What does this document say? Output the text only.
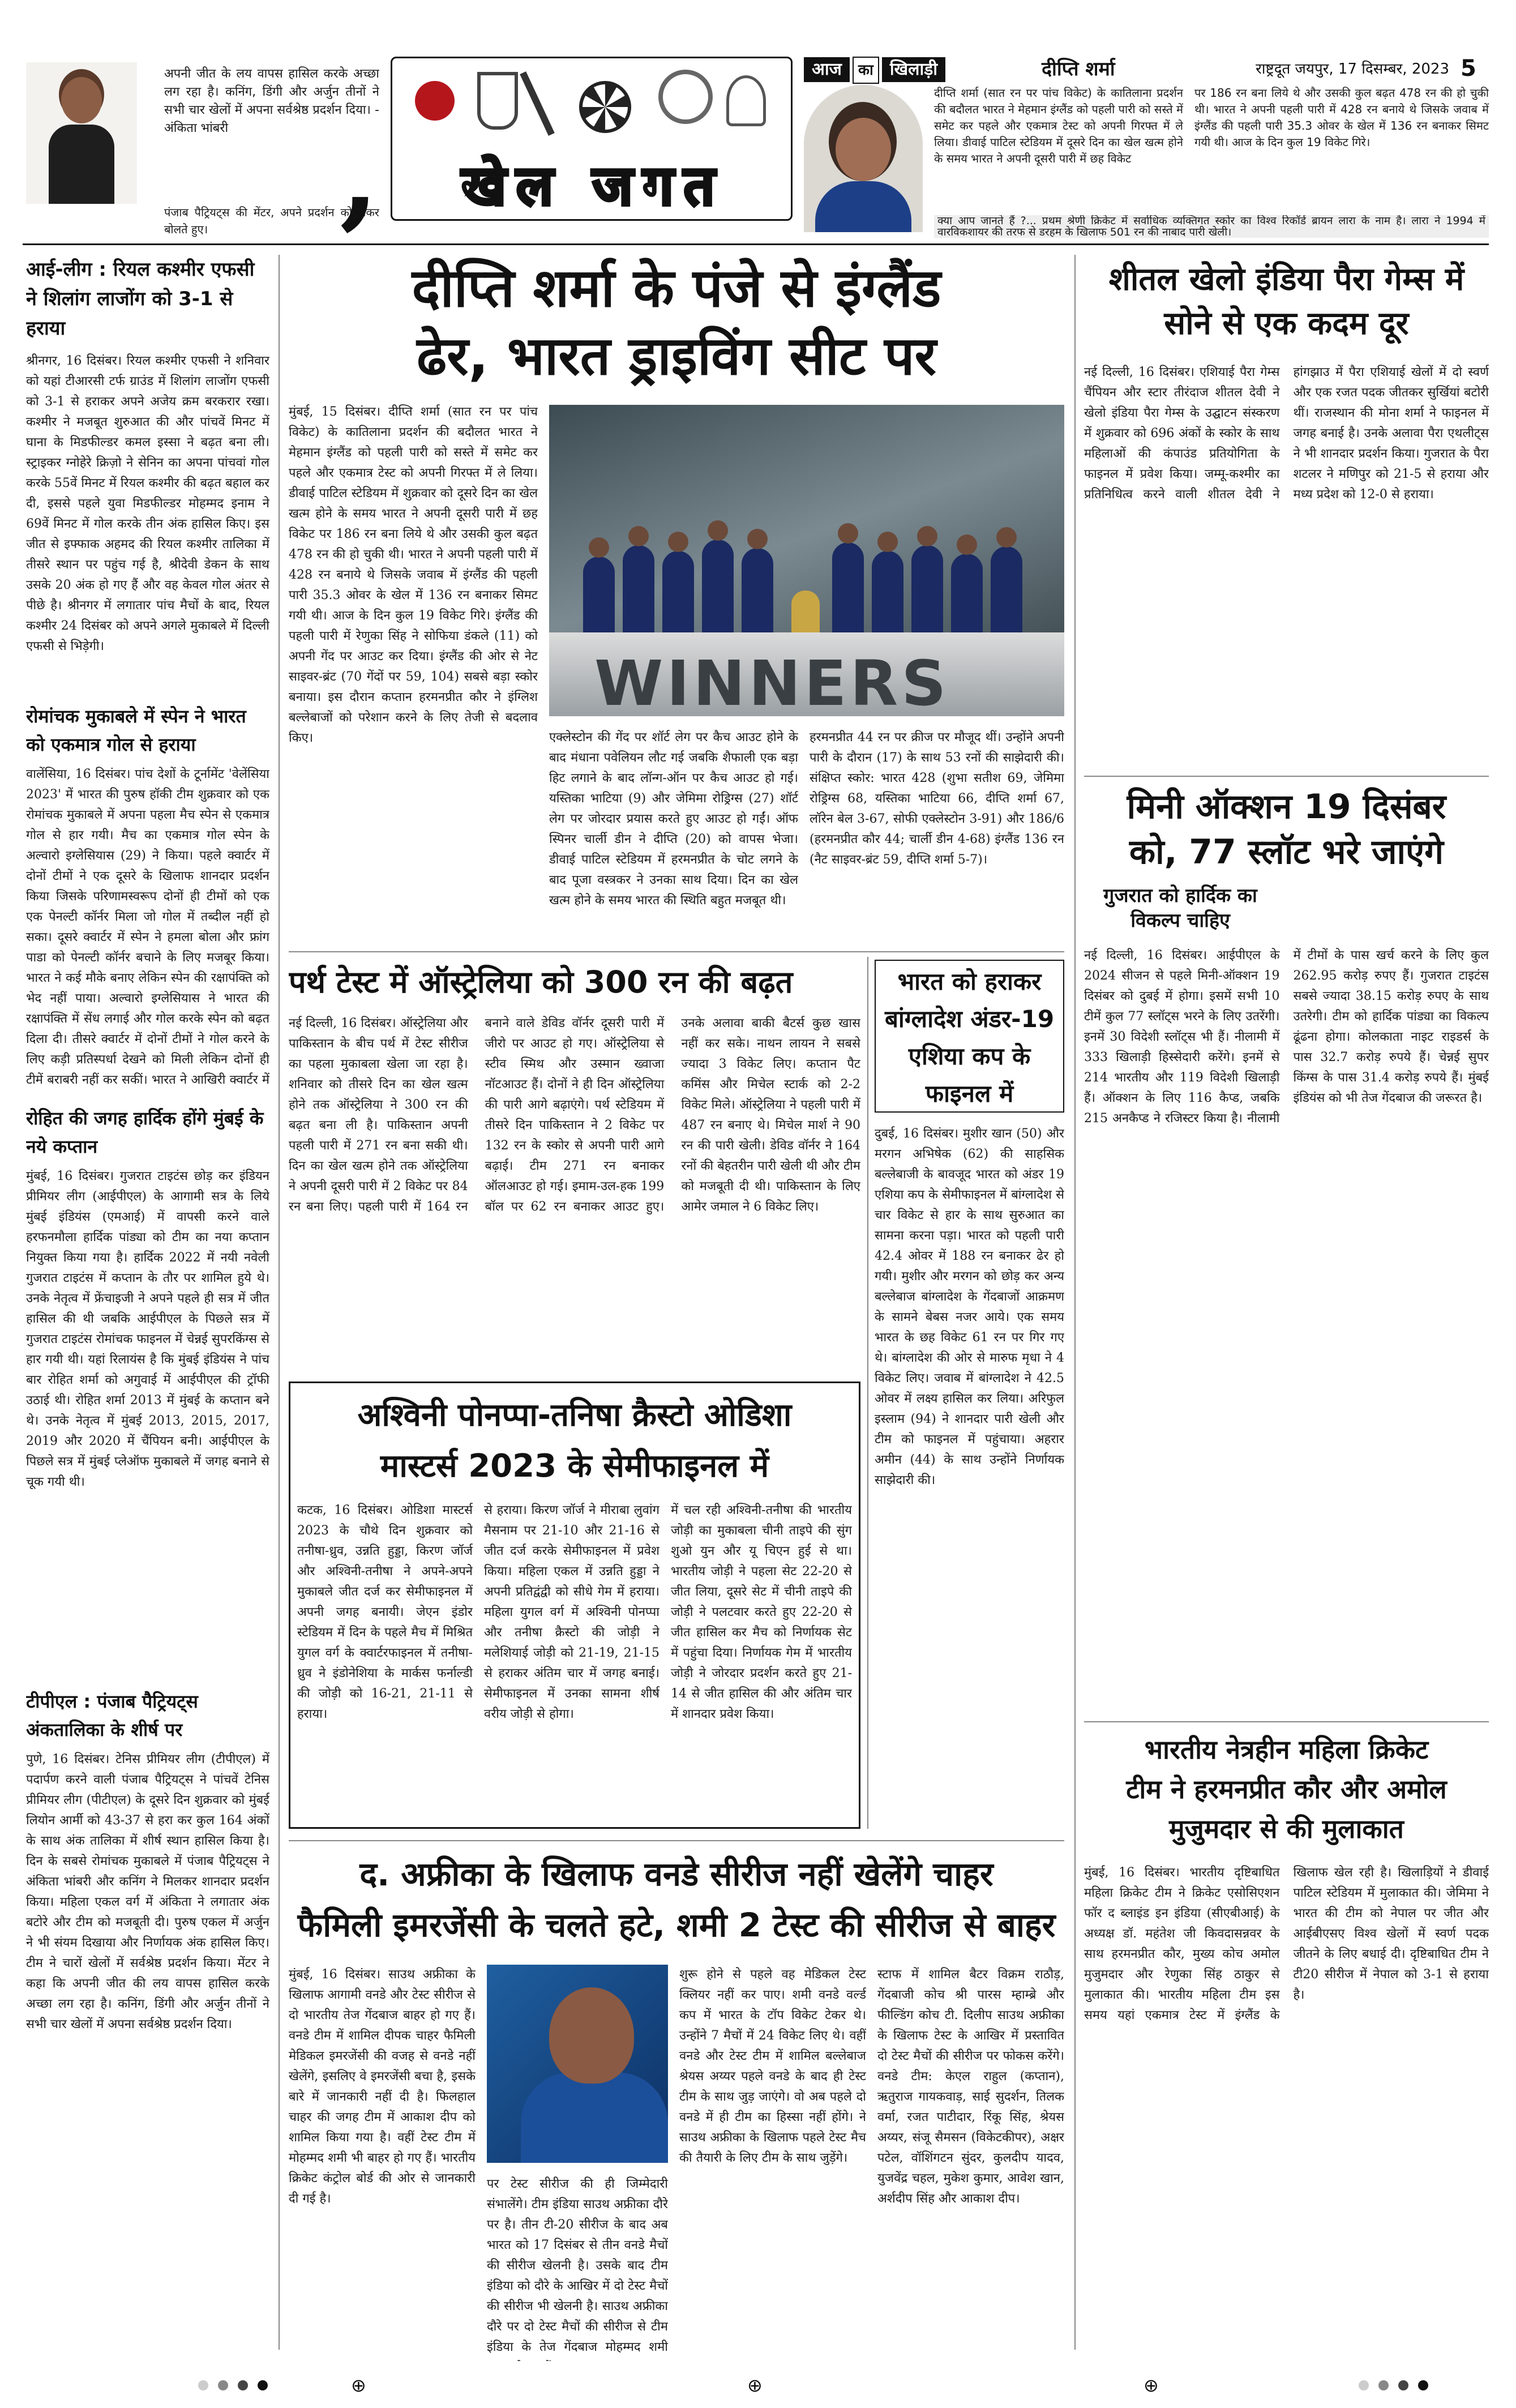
अपनी जीत के लय वापस हासिल करके अच्छा लग रहा है। कनिंग, डिंगी और अर्जुन तीनों ने सभी चार खेलों में अपना सर्वश्रेष्ठ प्रदर्शन दिया। - अंकिता भांबरी
पंजाब पैट्रियट्स की मेंटर, अपने प्रदर्शन को लेकर बोलते हुए।	,	खेल जगत
आज का खिलाड़ी	दीप्ति शर्मा	राष्ट्रदूत जयपुर, 17 दिसम्बर, 2023 5
दीप्ति शर्मा (सात रन पर पांच विकेट) के कातिलाना प्रदर्शन की बदौलत भारत ने मेहमान इंग्लैंड को पहली पारी को सस्ते में समेट कर पहले और एकमात्र टेस्ट को अपनी गिरफ्त में ले लिया। डीवाई पाटिल स्टेडियम में दूसरे दिन का खेल खत्म होने के समय भारत ने अपनी दूसरी पारी में छह विकेट
पर 186 रन बना लिये थे और उसकी कुल बढ़त 478 रन की हो चुकी थी। भारत ने अपनी पहली पारी में 428 रन बनाये थे जिसके जवाब में इंग्लैंड की पहली पारी 35.3 ओवर के खेल में 136 रन बनाकर सिमट गयी थी। आज के दिन कुल 19 विकेट गिरे।
क्या आप जानते हैं ?... प्रथम श्रेणी क्रिकेट में सर्वाधिक व्यक्तिगत स्कोर का विश्व रिकॉर्ड ब्रायन लारा के नाम है। लारा ने 1994 में वारविकशायर की तरफ से डरहम के खिलाफ 501 रन की नाबाद पारी खेली।
आई-लीग : रियल कश्मीर एफसी ने शिलांग लाजोंग को 3-1 से हराया
श्रीनगर, 16 दिसंबर। रियल कश्मीर एफसी ने शनिवार को यहां टीआरसी टर्फ ग्राउंड में शिलांग लाजोंग एफसी को 3-1 से हराकर अपने अजेय क्रम बरकरार रखा। कश्मीर ने मजबूत शुरुआत की और पांचवें मिनट में घाना के मिडफील्डर कमल इस्सा ने बढ़त बना ली। स्ट्राइकर ग्नोहेरे क्रिज़ो ने सेनिन का अपना पांचवां गोल करके 55वें मिनट में रियल कश्मीर की बढ़त बहाल कर दी, इससे पहले युवा मिडफील्डर मोहम्मद इनाम ने 69वें मिनट में गोल करके तीन अंक हासिल किए। इस जीत से इफ्फाक अहमद की रियल कश्मीर तालिका में तीसरे स्थान पर पहुंच गई है, श्रीदेवी डेकन के साथ उसके 20 अंक हो गए हैं और वह केवल गोल अंतर से पीछे है। श्रीनगर में लगातार पांच मैचों के बाद, रियल कश्मीर 24 दिसंबर को अपने अगले मुकाबले में दिल्ली एफसी से भिड़ेगी।
रोमांचक मुकाबले में स्पेन ने भारत को एकमात्र गोल से हराया
वालेंसिया, 16 दिसंबर। पांच देशों के टूर्नामेंट 'वेलेंसिया 2023' में भारत की पुरुष हॉकी टीम शुक्रवार को एक रोमांचक मुकाबले में अपना पहला मैच स्पेन से एकमात्र गोल से हार गयी। मैच का एकमात्र गोल स्पेन के अल्वारो इग्लेसियास (29) ने किया। पहले क्वार्टर में दोनों टीमों ने एक दूसरे के खिलाफ शानदार प्रदर्शन किया जिसके परिणामस्वरूप दोनों ही टीमों को एक एक पेनल्टी कॉर्नर मिला जो गोल में तब्दील नहीं हो सका। दूसरे क्वार्टर में स्पेन ने हमला बोला और फ्रांग पाडा को पेनल्टी कॉर्नर बचाने के लिए मजबूर किया। भारत ने कई मौके बनाए लेकिन स्पेन की रक्षापंक्ति को भेद नहीं पाया। अल्वारो इग्लेसियास ने भारत की रक्षापंक्ति में सेंध लगाई और गोल करके स्पेन को बढ़त दिला दी। तीसरे क्वार्टर में दोनों टीमों ने गोल करने के लिए कड़ी प्रतिस्पर्धा देखने को मिली लेकिन दोनों ही टीमें बराबरी नहीं कर सकीं। भारत ने आखिरी क्वार्टर में
रोहित की जगह हार्दिक होंगे मुंबई के नये कप्तान
मुंबई, 16 दिसंबर। गुजरात टाइटंस छोड़ कर इंडियन प्रीमियर लीग (आईपीएल) के आगामी सत्र के लिये मुंबई इंडियंस (एमआई) में वापसी करने वाले हरफनमौला हार्दिक पांड्या को टीम का नया कप्तान नियुक्त किया गया है। हार्दिक 2022 में नयी नवेली गुजरात टाइटंस में कप्तान के तौर पर शामिल हुये थे। उनके नेतृत्व में फ्रेंचाइजी ने अपने पहले ही सत्र में जीत हासिल की थी जबकि आईपीएल के पिछले सत्र में गुजरात टाइटंस रोमांचक फाइनल में चेन्नई सुपरकिंग्स से हार गयी थी। यहां रिलायंस है कि मुंबई इंडियंस ने पांच बार रोहित शर्मा को अगुवाई में आईपीएल की ट्रॉफी उठाई थी। रोहित शर्मा 2013 में मुंबई के कप्तान बने थे। उनके नेतृत्व में मुंबई 2013, 2015, 2017, 2019 और 2020 में चैंपियन बनी। आईपीएल के पिछले सत्र में मुंबई प्लेऑफ मुकाबले में जगह बनाने से चूक गयी थी।
टीपीएल : पंजाब पैट्रियट्स अंकतालिका के शीर्ष पर
पुणे, 16 दिसंबर। टेनिस प्रीमियर लीग (टीपीएल) में पदार्पण करने वाली पंजाब पैट्रियट्स ने पांचवें टेनिस प्रीमियर लीग (पीटीएल) के दूसरे दिन शुक्रवार को मुंबई लियोन आर्मी को 43-37 से हरा कर कुल 164 अंकों के साथ अंक तालिका में शीर्ष स्थान हासिल किया है। दिन के सबसे रोमांचक मुकाबले में पंजाब पैट्रियट्स ने अंकिता भांबरी और कनिंग ने मिलकर शानदार प्रदर्शन किया। महिला एकल वर्ग में अंकिता ने लगातार अंक बटोरे और टीम को मजबूती दी। पुरुष एकल में अर्जुन ने भी संयम दिखाया और निर्णायक अंक हासिल किए। टीम ने चारों खेलों में सर्वश्रेष्ठ प्रदर्शन किया। मेंटर ने कहा कि अपनी जीत की लय वापस हासिल करके अच्छा लग रहा है। कनिंग, डिंगी और अर्जुन तीनों ने सभी चार खेलों में अपना सर्वश्रेष्ठ प्रदर्शन दिया।
दीप्ति शर्मा के पंजे से इंग्लैंड
ढेर, भारत ड्राइविंग सीट पर
मुंबई, 15 दिसंबर। दीप्ति शर्मा (सात रन पर पांच विकेट) के कातिलाना प्रदर्शन की बदौलत भारत ने मेहमान इंग्लैंड को पहली पारी को सस्ते में समेट कर पहले और एकमात्र टेस्ट को अपनी गिरफ्त में ले लिया। डीवाई पाटिल स्टेडियम में शुक्रवार को दूसरे दिन का खेल खत्म होने के समय भारत ने अपनी दूसरी पारी में छह विकेट पर 186 रन बना लिये थे और उसकी कुल बढ़त 478 रन की हो चुकी थी। भारत ने अपनी पहली पारी में 428 रन बनाये थे जिसके जवाब में इंग्लैंड की पहली पारी 35.3 ओवर के खेल में 136 रन बनाकर सिमट गयी थी। आज के दिन कुल 19 विकेट गिरे। इंग्लैंड की पहली पारी में रेणुका सिंह ने सोफिया डंकले (11) को अपनी गेंद पर आउट कर दिया। इंग्लैंड की ओर से नेट साइवर-ब्रंट (70 गेंदों पर 59, 104) सबसे बड़ा स्कोर बनाया। इस दौरान कप्तान हरमनप्रीत कौर ने इंग्लिश बल्लेबाजों को परेशान करने के लिए तेजी से बदलाव किए।
WINNERS
एक्लेस्टोन की गेंद पर शॉर्ट लेग पर कैच आउट होने के बाद मंधाना पवेलियन लौट गई जबकि शैफाली एक बड़ा हिट लगाने के बाद लॉन्ग-ऑन पर कैच आउट हो गई। यस्तिका भाटिया (9) और जेमिमा रोड्रिग्स (27) शॉर्ट लेग पर जोरदार प्रयास करते हुए आउट हो गईं। ऑफ स्पिनर चार्ली डीन ने दीप्ति (20) को वापस भेजा। डीवाई पाटिल स्टेडियम में हरमनप्रीत के चोट लगने के बाद पूजा वस्त्रकर ने उनका साथ दिया। दिन का खेल खत्म होने के समय भारत की स्थिति बहुत मजबूत थी।
हरमनप्रीत 44 रन पर क्रीज पर मौजूद थीं। उन्होंने अपनी पारी के दौरान (17) के साथ 53 रनों की साझेदारी की। संक्षिप्त स्कोर: भारत 428 (शुभा सतीश 69, जेमिमा रोड्रिग्स 68, यस्तिका भाटिया 66, दीप्ति शर्मा 67, लॉरेन बेल 3-67, सोफी एक्लेस्टोन 3-91) और 186/6 (हरमनप्रीत कौर 44; चार्ली डीन 4-68) इंग्लैंड 136 रन (नैट साइवर-ब्रंट 59, दीप्ति शर्मा 5-7)।
पर्थ टेस्ट में ऑस्ट्रेलिया को 300 रन की बढ़त
नई दिल्ली, 16 दिसंबर। ऑस्ट्रेलिया और पाकिस्तान के बीच पर्थ में टेस्ट सीरीज का पहला मुकाबला खेला जा रहा है। शनिवार को तीसरे दिन का खेल खत्म होने तक ऑस्ट्रेलिया ने 300 रन की बढ़त बना ली है। पाकिस्तान अपनी पहली पारी में 271 रन बना सकी थी। दिन का खेल खत्म होने तक ऑस्ट्रेलिया ने अपनी दूसरी पारी में 2 विकेट पर 84 रन बना लिए। पहली पारी में 164 रन बनाने वाले डेविड वॉर्नर दूसरी पारी में जीरो पर आउट हो गए। ऑस्ट्रेलिया से स्टीव स्मिथ और उस्मान ख्वाजा नॉटआउट हैं। दोनों ने ही दिन ऑस्ट्रेलिया की पारी आगे बढ़ाएंगे। पर्थ स्टेडियम में तीसरे दिन पाकिस्तान ने 2 विकेट पर 132 रन के स्कोर से अपनी पारी आगे बढ़ाई। टीम 271 रन बनाकर ऑलआउट हो गई। इमाम-उल-हक 199 बॉल पर 62 रन बनाकर आउट हुए। उनके अलावा बाकी बैटर्स कुछ खास नहीं कर सके। नाथन लायन ने सबसे ज्यादा 3 विकेट लिए। कप्तान पैट कमिंस और मिचेल स्टार्क को 2-2 विकेट मिले। ऑस्ट्रेलिया ने पहली पारी में 487 रन बनाए थे। मिचेल मार्श ने 90 रन की पारी खेली। डेविड वॉर्नर ने 164 रनों की बेहतरीन पारी खेली थी और टीम को मजबूती दी थी। पाकिस्तान के लिए आमेर जमाल ने 6 विकेट लिए।
भारत को हराकर बांग्लादेश अंडर-19 एशिया कप के फाइनल में
दुबई, 16 दिसंबर। मुशीर खान (50) और मरगन अभिषेक (62) की साहसिक बल्लेबाजी के बावजूद भारत को अंडर 19 एशिया कप के सेमीफाइनल में बांग्लादेश से चार विकेट से हार के साथ सुरुआत का सामना करना पड़ा। भारत को पहली पारी 42.4 ओवर में 188 रन बनाकर ढेर हो गयी। मुशीर और मरगन को छोड़ कर अन्य बल्लेबाज बांग्लादेश के गेंदबाजों आक्रमण के सामने बेबस नजर आये। एक समय भारत के छह विकेट 61 रन पर गिर गए थे। बांग्लादेश की ओर से मारुफ मृधा ने 4 विकेट लिए। जवाब में बांग्लादेश ने 42.5 ओवर में लक्ष्य हासिल कर लिया। अरिफुल इस्लाम (94) ने शानदार पारी खेली और टीम को फाइनल में पहुंचाया। अहरार अमीन (44) के साथ उन्होंने निर्णायक साझेदारी की।
अश्विनी पोनप्पा-तनिषा क्रैस्टो ओडिशा
मास्टर्स 2023 के सेमीफाइनल में
कटक, 16 दिसंबर। ओडिशा मास्टर्स 2023 के चौथे दिन शुक्रवार को तनीषा-ध्रुव, उन्नति हुड्डा, किरण जॉर्ज और अश्विनी-तनीषा ने अपने-अपने मुकाबले जीत दर्ज कर सेमीफाइनल में अपनी जगह बनायी। जेएन इंडोर स्टेडियम में दिन के पहले मैच में मिश्रित युगल वर्ग के क्वार्टरफाइनल में तनीषा-ध्रुव ने इंडोनेशिया के मार्कस फर्नाल्डी की जोड़ी को 16-21, 21-11 से हराया।
से हराया। किरण जॉर्ज ने मीराबा लुवांग मैसनाम पर 21-10 और 21-16 से जीत दर्ज करके सेमीफाइनल में प्रवेश किया। महिला एकल में उन्नति हुड्डा ने अपनी प्रतिद्वंद्वी को सीधे गेम में हराया। महिला युगल वर्ग में अश्विनी पोनप्पा और तनीषा क्रैस्टो की जोड़ी ने मलेशियाई जोड़ी को 21-19, 21-15 से हराकर अंतिम चार में जगह बनाई। सेमीफाइनल में उनका सामना शीर्ष वरीय जोड़ी से होगा।
में चल रही अश्विनी-तनीषा की भारतीय जोड़ी का मुकाबला चीनी ताइपे की सुंग शुओ युन और यू चिएन हुई से था। भारतीय जोड़ी ने पहला सेट 22-20 से जीत लिया, दूसरे सेट में चीनी ताइपे की जोड़ी ने पलटवार करते हुए 22-20 से जीत हासिल कर मैच को निर्णायक सेट में पहुंचा दिया। निर्णायक गेम में भारतीय जोड़ी ने जोरदार प्रदर्शन करते हुए 21-14 से जीत हासिल की और अंतिम चार में शानदार प्रवेश किया।
द. अफ्रीका के खिलाफ वनडे सीरीज नहीं खेलेंगे चाहर
फैमिली इमरजेंसी के चलते हटे, शमी 2 टेस्ट की सीरीज से बाहर
मुंबई, 16 दिसंबर। साउथ अफ्रीका के खिलाफ आगामी वनडे और टेस्ट सीरीज से दो भारतीय तेज गेंदबाज बाहर हो गए हैं। वनडे टीम में शामिल दीपक चाहर फैमिली मेडिकल इमरजेंसी की वजह से वनडे नहीं खेलेंगे, इसलिए वे इमरजेंसी बचा है, इसके बारे में जानकारी नहीं दी है। फिलहाल चाहर की जगह टीम में आकाश दीप को शामिल किया गया है। वहीं टेस्ट टीम में मोहम्मद शमी भी बाहर हो गए हैं। भारतीय क्रिकेट कंट्रोल बोर्ड की ओर से जानकारी दी गई है।
पर टेस्ट सीरीज की ही जिम्मेदारी संभालेंगे। टीम इंडिया साउथ अफ्रीका दौरे पर है। तीन टी-20 सीरीज के बाद अब भारत को 17 दिसंबर से तीन वनडे मैचों की सीरीज खेलनी है। उसके बाद टीम इंडिया को दौरे के आखिर में दो टेस्ट मैचों की सीरीज भी खेलनी है। साउथ अफ्रीका दौरे पर दो टेस्ट मैचों की सीरीज से टीम इंडिया के तेज गेंदबाज मोहम्मद शमी
शुरू होने से पहले वह मेडिकल टेस्ट क्लियर नहीं कर पाए। शमी वनडे वर्ल्ड कप में भारत के टॉप विकेट टेकर थे। उन्होंने 7 मैचों में 24 विकेट लिए थे। वहीं वनडे और टेस्ट टीम में शामिल बल्लेबाज श्रेयस अय्यर पहले वनडे के बाद ही टेस्ट टीम के साथ जुड़ जाएंगे। वो अब पहले दो वनडे में ही टीम का हिस्सा नहीं होंगे। ने साउथ अफ्रीका के खिलाफ पहले टेस्ट मैच की तैयारी के लिए टीम के साथ जुड़ेंगे।
स्टाफ में शामिल बैटर विक्रम राठौड़, गेंदबाजी कोच श्री पारस म्हाम्ब्रे और फील्डिंग कोच टी. दिलीप साउथ अफ्रीका के खिलाफ टेस्ट के आखिर में प्रस्तावित दो टेस्ट मैचों की सीरीज पर फोकस करेंगे। वनडे टीम: केएल राहुल (कप्तान), ऋतुराज गायकवाड़, साई सुदर्शन, तिलक वर्मा, रजत पाटीदार, रिंकू सिंह, श्रेयस अय्यर, संजू सैमसन (विकेटकीपर), अक्षर पटेल, वॉशिंगटन सुंदर, कुलदीप यादव, युजवेंद्र चहल, मुकेश कुमार, आवेश खान, अर्शदीप सिंह और आकाश दीप।
शीतल खेलो इंडिया पैरा गेम्स में सोने से एक कदम दूर
नई दिल्ली, 16 दिसंबर। एशियाई पैरा गेम्स चैंपियन और स्टार तीरंदाज शीतल देवी ने खेलो इंडिया पैरा गेम्स के उद्घाटन संस्करण में शुक्रवार को 696 अंकों के स्कोर के साथ महिलाओं की कंपाउंड प्रतियोगिता के फाइनल में प्रवेश किया। जम्मू-कश्मीर का प्रतिनिधित्व करने वाली शीतल देवी ने हांगझाउ में पैरा एशियाई खेलों में दो स्वर्ण और एक रजत पदक जीतकर सुर्खियां बटोरी थीं। राजस्थान की मोना शर्मा ने फाइनल में जगह बनाई है। उनके अलावा पैरा एथलीट्स ने भी शानदार प्रदर्शन किया। गुजरात के पैरा शटलर ने मणिपुर को 21-5 से हराया और मध्य प्रदेश को 12-0 से हराया।
मिनी ऑक्शन 19 दिसंबर
को, 77 स्लॉट भरे जाएंगे
गुजरात को हार्दिक का विकल्प चाहिए
नई दिल्ली, 16 दिसंबर। आईपीएल के 2024 सीजन से पहले मिनी-ऑक्शन 19 दिसंबर को दुबई में होगा। इसमें सभी 10 टीमें कुल 77 स्लॉट्स भरने के लिए उतरेंगी। इनमें 30 विदेशी स्लॉट्स भी हैं। नीलामी में 333 खिलाड़ी हिस्सेदारी करेंगे। इनमें से 214 भारतीय और 119 विदेशी खिलाड़ी हैं। ऑक्शन के लिए 116 कैप्ड, जबकि 215 अनकैप्ड ने रजिस्टर किया है। नीलामी में टीमों के पास खर्च करने के लिए कुल 262.95 करोड़ रुपए हैं। गुजरात टाइटंस सबसे ज्यादा 38.15 करोड़ रुपए के साथ उतरेगी। टीम को हार्दिक पांड्या का विकल्प ढूंढना होगा। कोलकाता नाइट राइडर्स के पास 32.7 करोड़ रुपये हैं। चेन्नई सुपर किंग्स के पास 31.4 करोड़ रुपये हैं। मुंबई इंडियंस को भी तेज गेंदबाज की जरूरत है।
भारतीय नेत्रहीन महिला क्रिकेट
टीम ने हरमनप्रीत कौर और अमोल
मुजुमदार से की मुलाकात
मुंबई, 16 दिसंबर। भारतीय दृष्टिबाधित महिला क्रिकेट टीम ने क्रिकेट एसोसिएशन फॉर द ब्लाइंड इन इंडिया (सीएबीआई) के अध्यक्ष डॉ. महंतेश जी किवदासन्नवर के साथ हरमनप्रीत कौर, मुख्य कोच अमोल मुजुमदार और रेणुका सिंह ठाकुर से मुलाकात की। भारतीय महिला टीम इस समय यहां एकमात्र टेस्ट में इंग्लैंड के खिलाफ खेल रही है। खिलाड़ियों ने डीवाई पाटिल स्टेडियम में मुलाकात की। जेमिमा ने भारत की टीम को नेपाल पर जीत और आईबीएसए विश्व खेलों में स्वर्ण पदक जीतने के लिए बधाई दी। दृष्टिबाधित टीम ने टी20 सीरीज में नेपाल को 3-1 से हराया है।

⊕	⊕	⊕
